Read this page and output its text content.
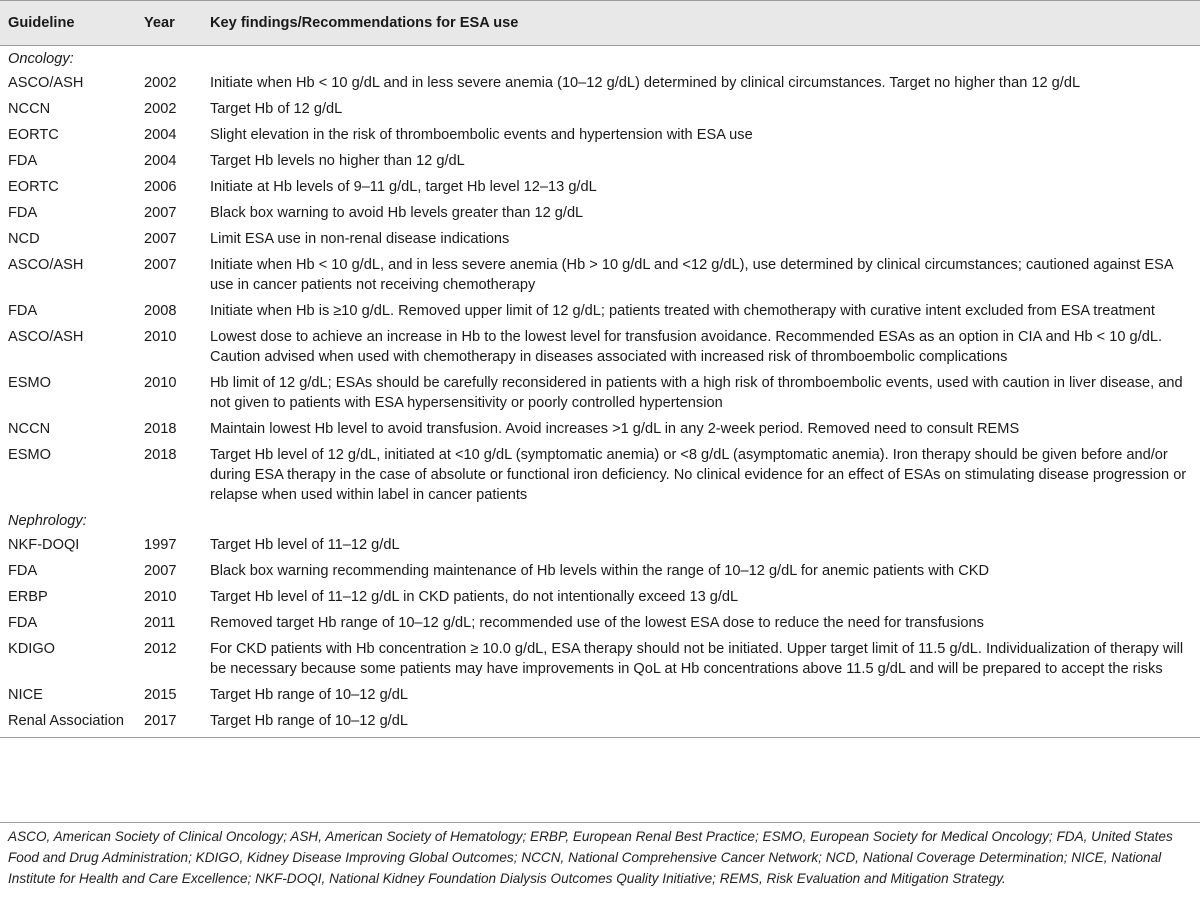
Guideline	Year	Key findings/Recommendations for ESA use
Oncology:		
ASCO/ASH	2002	Initiate when Hb < 10 g/dL and in less severe anemia (10–12 g/dL) determined by clinical circumstances. Target no higher than 12 g/dL
NCCN	2002	Target Hb of 12 g/dL
EORTC	2004	Slight elevation in the risk of thromboembolic events and hypertension with ESA use
FDA	2004	Target Hb levels no higher than 12 g/dL
EORTC	2006	Initiate at Hb levels of 9–11 g/dL, target Hb level 12–13 g/dL
FDA	2007	Black box warning to avoid Hb levels greater than 12 g/dL
NCD	2007	Limit ESA use in non-renal disease indications
ASCO/ASH	2007	Initiate when Hb < 10 g/dL, and in less severe anemia (Hb > 10 g/dL and <12 g/dL), use determined by clinical circumstances; cautioned against ESA use in cancer patients not receiving chemotherapy
FDA	2008	Initiate when Hb is ≥10 g/dL. Removed upper limit of 12 g/dL; patients treated with chemotherapy with curative intent excluded from ESA treatment
ASCO/ASH	2010	Lowest dose to achieve an increase in Hb to the lowest level for transfusion avoidance. Recommended ESAs as an option in CIA and Hb < 10 g/dL. Caution advised when used with chemotherapy in diseases associated with increased risk of thromboembolic complications
ESMO	2010	Hb limit of 12 g/dL; ESAs should be carefully reconsidered in patients with a high risk of thromboembolic events, used with caution in liver disease, and not given to patients with ESA hypersensitivity or poorly controlled hypertension
NCCN	2018	Maintain lowest Hb level to avoid transfusion. Avoid increases >1 g/dL in any 2-week period. Removed need to consult REMS
ESMO	2018	Target Hb level of 12 g/dL, initiated at <10 g/dL (symptomatic anemia) or <8 g/dL (asymptomatic anemia). Iron therapy should be given before and/or during ESA therapy in the case of absolute or functional iron deficiency. No clinical evidence for an effect of ESAs on stimulating disease progression or relapse when used within label in cancer patients
Nephrology:		
NKF-DOQI	1997	Target Hb level of 11–12 g/dL
FDA	2007	Black box warning recommending maintenance of Hb levels within the range of 10–12 g/dL for anemic patients with CKD
ERBP	2010	Target Hb level of 11–12 g/dL in CKD patients, do not intentionally exceed 13 g/dL
FDA	2011	Removed target Hb range of 10–12 g/dL; recommended use of the lowest ESA dose to reduce the need for transfusions
KDIGO	2012	For CKD patients with Hb concentration ≥ 10.0 g/dL, ESA therapy should not be initiated. Upper target limit of 11.5 g/dL. Individualization of therapy will be necessary because some patients may have improvements in QoL at Hb concentrations above 11.5 g/dL and will be prepared to accept the risks
NICE	2015	Target Hb range of 10–12 g/dL
Renal Association	2017	Target Hb range of 10–12 g/dL
ASCO, American Society of Clinical Oncology; ASH, American Society of Hematology; ERBP, European Renal Best Practice; ESMO, European Society for Medical Oncology; FDA, United States Food and Drug Administration; KDIGO, Kidney Disease Improving Global Outcomes; NCCN, National Comprehensive Cancer Network; NCD, National Coverage Determination; NICE, National Institute for Health and Care Excellence; NKF-DOQI, National Kidney Foundation Dialysis Outcomes Quality Initiative; REMS, Risk Evaluation and Mitigation Strategy.
